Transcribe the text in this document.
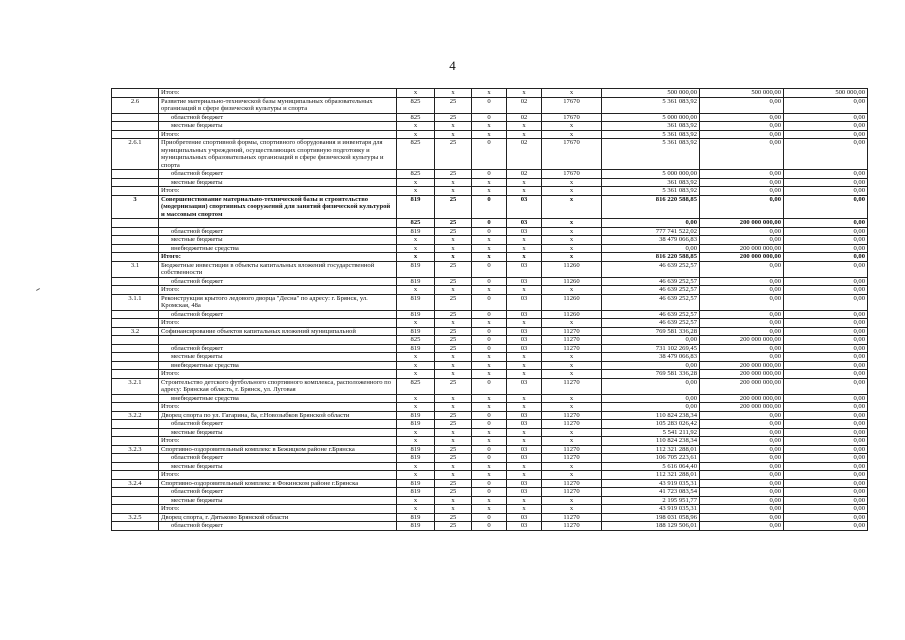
4
	Итого:	x	x	x	x	x	500 000,00	500 000,00	500 000,00
2.6	Развитие материально-технической базы муниципальных образовательных организаций в сфере физической культуры и спорта	825	25	0	02	17670	5 361 083,92	0,00	0,00
	областной бюджет	825	25	0	02	17670	5 000 000,00	0,00	0,00
	местные бюджеты	x	x	x	x	x	361 083,92	0,00	0,00
	Итого:	x	x	x	x	x	5 361 083,92	0,00	0,00
2.6.1	Приобретение спортивной формы, спортивного оборудования и инвентаря для муниципальных учреждений, осуществляющих спортивную подготовку и муниципальных образовательных организаций в сфере физической культуры и спорта	825	25	0	02	17670	5 361 083,92	0,00	0,00
	областной бюджет	825	25	0	02	17670	5 000 000,00	0,00	0,00
	местные бюджеты	x	x	x	x	x	361 083,92	0,00	0,00
	Итого:	x	x	x	x	x	5 361 083,92	0,00	0,00
3	Совершенствование материально-технической базы и строительство (модернизация) спортивных сооружений для занятий физической культурой и массовым спортом	819	25	0	03	x	816 220 588,85	0,00	0,00
		825	25	0	03	x	0,00	200 000 000,00	0,00
	областной бюджет	819	25	0	03	x	777 741 522,02	0,00	0,00
	местные бюджеты	x	x	x	x	x	38 479 066,83	0,00	0,00
	внебюджетные средства	x	x	x	x	x	0,00	200 000 000,00	0,00
	Итого:	x	x	x	x	x	816 220 588,85	200 000 000,00	0,00
3.1	Бюджетные инвестиции в объекты капитальных вложений государственной собственности	819	25	0	03	11260	46 639 252,57	0,00	0,00
	областной бюджет	819	25	0	03	11260	46 639 252,57	0,00	0,00
	Итого:	x	x	x	x	x	46 639 252,57	0,00	0,00
3.1.1	Реконструкция крытого ледового дворца "Десна" по адресу: г. Брянск, ул. Кромская, 48а	819	25	0	03	11260	46 639 252,57	0,00	0,00
	областной бюджет	819	25	0	03	11260	46 639 252,57	0,00	0,00
	Итого:	x	x	x	x	x	46 639 252,57	0,00	0,00
3.2	Софинансирование объектов капитальных вложений муниципальной	819	25	0	03	11270	769 581 336,28	0,00	0,00
		825	25	0	03	11270	0,00	200 000 000,00	0,00
	областной бюджет	819	25	0	03	11270	731 102 269,45	0,00	0,00
	местные бюджеты	x	x	x	x	x	38 479 066,83	0,00	0,00
	внебюджетные средства	x	x	x	x	x	0,00	200 000 000,00	0,00
	Итого:	x	x	x	x	x	769 581 336,28	200 000 000,00	0,00
3.2.1	Строительство детского футбольного спортивного комплекса, расположенного по адресу: Брянская область, г. Брянск, ул. Луговая	825	25	0	03	11270	0,00	200 000 000,00	0,00
	внебюджетные средства	x	x	x	x	x	0,00	200 000 000,00	0,00
	Итого:	x	x	x	x	x	0,00	200 000 000,00	0,00
3.2.2	Дворец спорта по ул. Гагарина, 8а, г.Новозыбков Брянской области	819	25	0	03	11270	110 824 238,34	0,00	0,00
	областной бюджет	819	25	0	03	11270	105 283 026,42	0,00	0,00
	местные бюджеты	x	x	x	x	x	5 541 211,92	0,00	0,00
	Итого:	x	x	x	x	x	110 824 238,34	0,00	0,00
3.2.3	Спортивно-оздоровительный комплекс в Бежицком районе г.Брянска	819	25	0	03	11270	112 321 288,01	0,00	0,00
	областной бюджет	819	25	0	03	11270	106 705 223,61	0,00	0,00
	местные бюджеты	x	x	x	x	x	5 616 064,40	0,00	0,00
	Итого:	x	x	x	x	x	112 321 288,01	0,00	0,00
3.2.4	Спортивно-оздоровительный комплекс в Фокинском районе г.Брянска	819	25	0	03	11270	43 919 035,31	0,00	0,00
	областной бюджет	819	25	0	03	11270	41 723 083,54	0,00	0,00
	местные бюджеты	x	x	x	x	x	2 195 951,77	0,00	0,00
	Итого:	x	x	x	x	x	43 919 035,31	0,00	0,00
3.2.5	Дворец спорта, г. Дятьково Брянской области	819	25	0	03	11270	198 031 058,96	0,00	0,00
	областной бюджет	819	25	0	03	11270	188 129 506,01	0,00	0,00
